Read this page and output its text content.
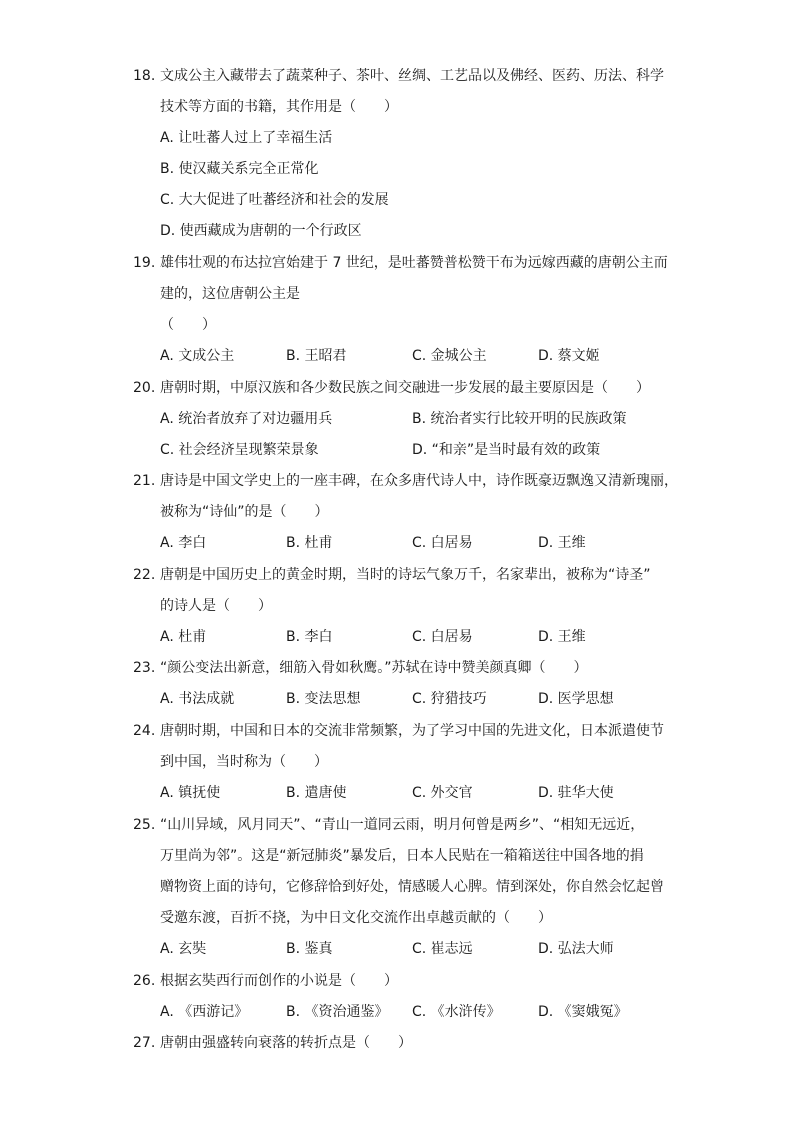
18. 文成公主入藏带去了蔬菜种子、茶叶、丝绸、工艺品以及佛经、医药、历法、科学
技术等方面的书籍，其作用是（　　）
A. 让吐蕃人过上了幸福生活
B. 使汉藏关系完全正常化
C. 大大促进了吐蕃经济和社会的发展
D. 使西藏成为唐朝的一个行政区
19. 雄伟壮观的布达拉宫始建于 7 世纪，是吐蕃赞普松赞干布为远嫁西藏的唐朝公主而
建的，这位唐朝公主是
（　　）
A. 文成公主	B. 王昭君	C. 金城公主	D. 蔡文姬
20. 唐朝时期，中原汉族和各少数民族之间交融进一步发展的最主要原因是（　　）
A. 统治者放弃了对边疆用兵	B. 统治者实行比较开明的民族政策
C. 社会经济呈现繁荣景象	D. “和亲”是当时最有效的政策
21. 唐诗是中国文学史上的一座丰碑，在众多唐代诗人中，诗作既豪迈飘逸又清新瑰丽，
被称为“诗仙”的是（　　）
A. 李白	B. 杜甫	C. 白居易	D. 王维
22. 唐朝是中国历史上的黄金时期，当时的诗坛气象万千，名家辈出，被称为“诗圣”
的诗人是（　　）
A. 杜甫	B. 李白	C. 白居易	D. 王维
23. “颜公变法出新意，细筋入骨如秋鹰。”苏轼在诗中赞美颜真卿（　　）
A. 书法成就	B. 变法思想	C. 狩猎技巧	D. 医学思想
24. 唐朝时期，中国和日本的交流非常频繁，为了学习中国的先进文化，日本派遣使节
到中国，当时称为（　　）
A. 镇抚使	B. 遣唐使	C. 外交官	D. 驻华大使
25. “山川异域，风月同天”、“青山一道同云雨，明月何曾是两乡”、“相知无远近，
万里尚为邻”。这是“新冠肺炎”暴发后，日本人民贴在一箱箱送往中国各地的捐
赠物资上面的诗句，它修辞恰到好处，情感暖人心脾。情到深处，你自然会忆起曾
受邀东渡，百折不挠，为中日文化交流作出卓越贡献的（　　）
A. 玄奘	B. 鉴真	C. 崔志远	D. 弘法大师
26. 根据玄奘西行而创作的小说是（　　）
A. 《西游记》	B. 《资治通鉴》	C. 《水浒传》	D. 《窦娥冤》
27. 唐朝由强盛转向衰落的转折点是（　　）
